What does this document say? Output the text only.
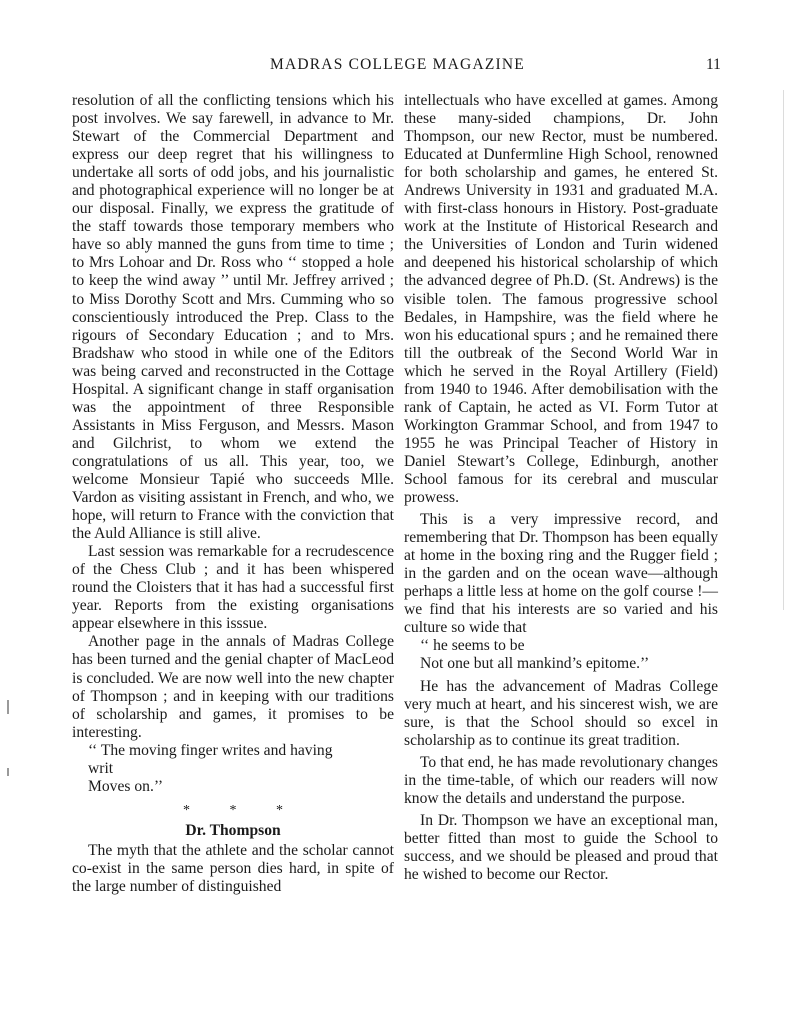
MADRAS COLLEGE MAGAZINE	11

resolution of all the conflicting tensions which his post involves. We say farewell, in advance to Mr. Stewart of the Commercial Department and express our deep regret that his willingness to undertake all sorts of odd jobs, and his journalistic and photographical experience will no longer be at our disposal. Finally, we express the gratitude of the staff towards those temporary members who have so ably manned the guns from time to time ; to Mrs Lohoar and Dr. Ross who ‘‘ stopped a hole to keep the wind away ’’ until Mr. Jeffrey arrived ; to Miss Dorothy Scott and Mrs. Cumming who so conscientiously introduced the Prep. Class to the rigours of Secondary Education ; and to Mrs. Bradshaw who stood in while one of the Editors was being carved and reconstructed in the Cottage Hospital. A significant change in staff organisation was the appointment of three Responsible Assistants in Miss Ferguson, and Messrs. Mason and Gilchrist, to whom we extend the congratulations of us all. This year, too, we welcome Monsieur Tapié who succeeds Mlle. Vardon as visiting assistant in French, and who, we hope, will return to France with the conviction that the Auld Alliance is still alive.

Last session was remarkable for a recrudescence of the Chess Club ; and it has been whispered round the Cloisters that it has had a successful first year. Reports from the existing organisations appear elsewhere in this isssue.

Another page in the annals of Madras College has been turned and the genial chapter of MacLeod is concluded. We are now well into the new chapter of Thompson ; and in keeping with our traditions of scholarship and games, it promises to be interesting.

‘‘ The moving finger writes and having
writ
Moves on.’’
* * *
Dr. Thompson

The myth that the athlete and the scholar cannot co-exist in the same person dies hard, in spite of the large number of distinguished

intellectuals who have excelled at games. Among these many-sided champions, Dr. John Thompson, our new Rector, must be numbered. Educated at Dunfermline High School, renowned for both scholarship and games, he entered St. Andrews University in 1931 and graduated M.A. with first-class honours in History. Post-graduate work at the Institute of Historical Research and the Universities of London and Turin widened and deepened his historical scholarship of which the advanced degree of Ph.D. (St. Andrews) is the visible tolen. The famous progressive school Bedales, in Hampshire, was the field where he won his educational spurs ; and he remained there till the outbreak of the Second World War in which he served in the Royal Artillery (Field) from 1940 to 1946. After demobilisation with the rank of Captain, he acted as VI. Form Tutor at Workington Grammar School, and from 1947 to 1955 he was Principal Teacher of History in Daniel Stewart’s College, Edinburgh, another School famous for its cerebral and muscular prowess.

This is a very impressive record, and remembering that Dr. Thompson has been equally at home in the boxing ring and the Rugger field ; in the garden and on the ocean wave—although perhaps a little less at home on the golf course !—we find that his interests are so varied and his culture so wide that

‘‘ he seems to be
Not one but all mankind’s epitome.’’

He has the advancement of Madras College very much at heart, and his sincerest wish, we are sure, is that the School should so excel in scholarship as to continue its great tradition.

To that end, he has made revolutionary changes in the time-table, of which our readers will now know the details and understand the purpose.

In Dr. Thompson we have an exceptional man, better fitted than most to guide the School to success, and we should be pleased and proud that he wished to become our Rector.
